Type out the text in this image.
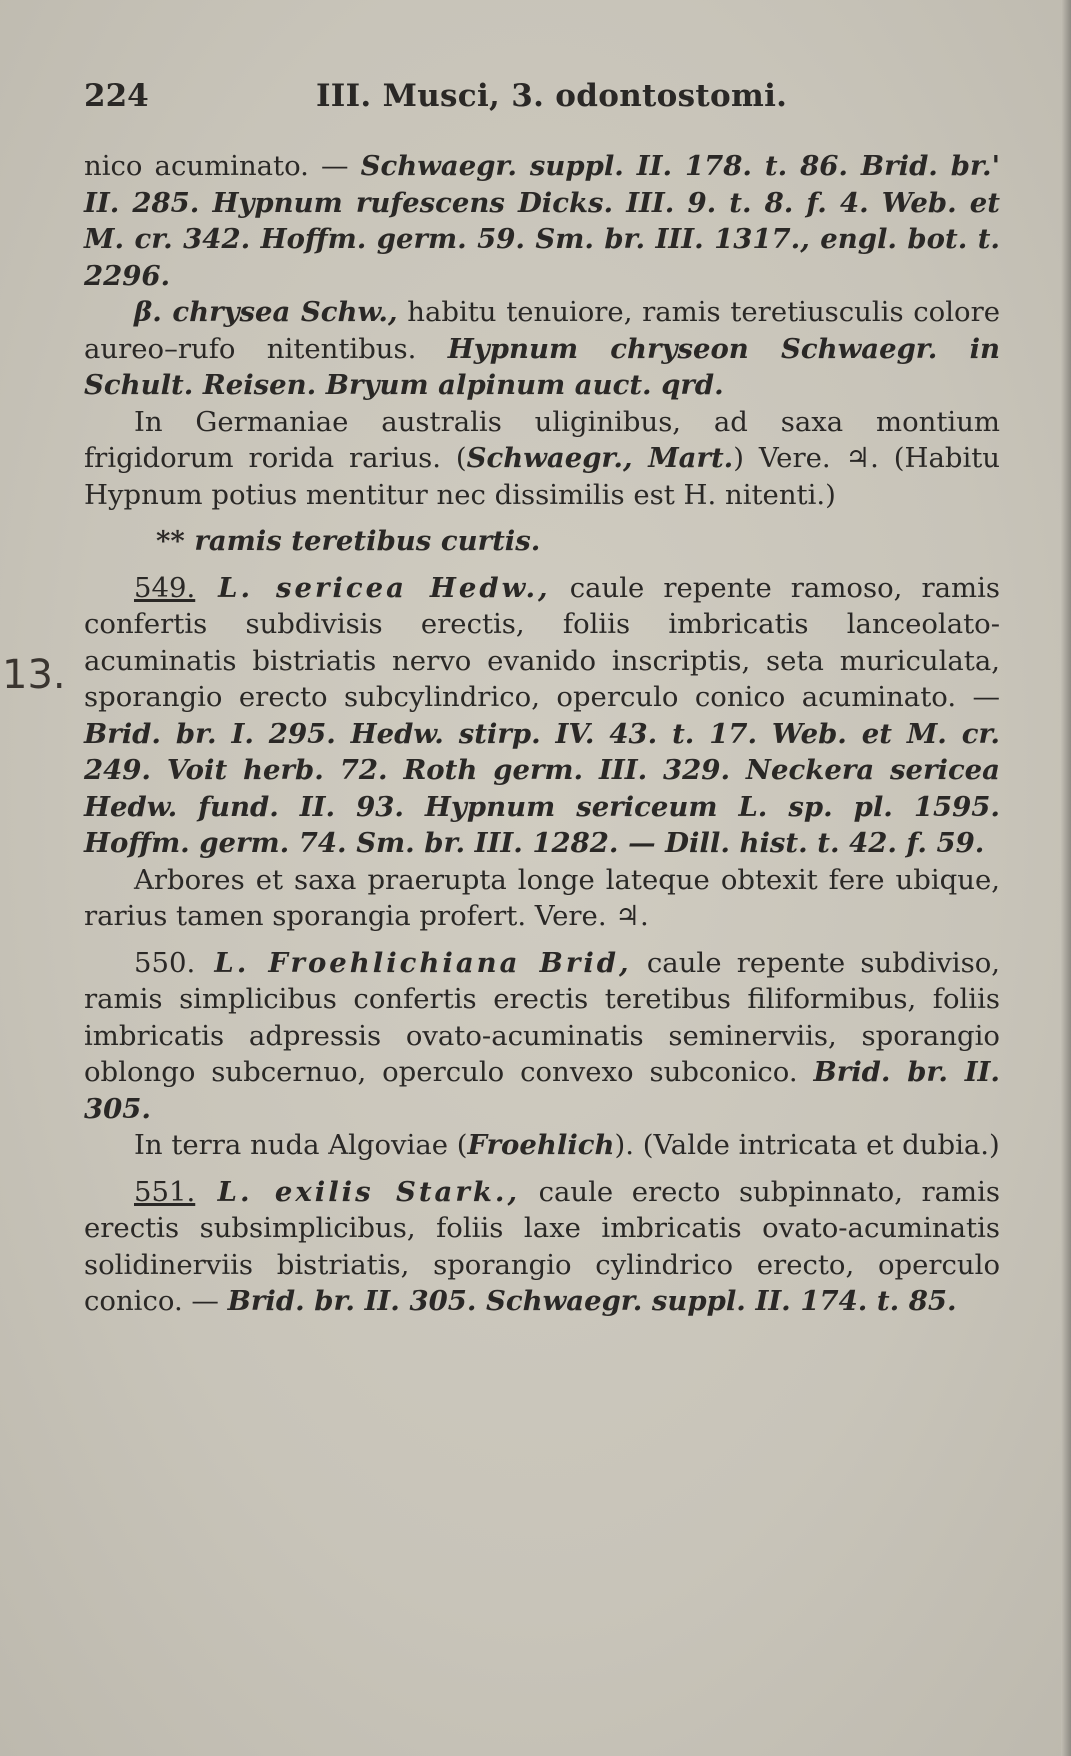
224	III. Musci, 3. odontostomi.
13.

nico acuminato. — Schwaegr. suppl. II. 178. t. 86. Brid. br.' II. 285. Hypnum rufescens Dicks. III. 9. t. 8. f. 4. Web. et M. cr. 342. Hoffm. germ. 59. Sm. br. III. 1317., engl. bot. t. 2296.

β. chrysea Schw., habitu tenuiore, ramis teretiusculis colore aureo–rufo nitentibus. Hypnum chryseon Schwaegr. in Schult. Reisen. Bryum alpinum auct. qrd.

In Germaniae australis uliginibus, ad saxa montium frigidorum rorida rarius. (Schwaegr., Mart.) Vere. ♃. (Habitu Hypnum potius mentitur nec dissimilis est H. nitenti.)

** ramis teretibus curtis.

549. L. sericea Hedw., caule repente ramoso, ramis confertis subdivisis erectis, foliis imbricatis lanceolato-acuminatis bistriatis nervo evanido inscriptis, seta muriculata, sporangio erecto subcylindrico, operculo conico acuminato. — Brid. br. I. 295. Hedw. stirp. IV. 43. t. 17. Web. et M. cr. 249. Voit herb. 72. Roth germ. III. 329. Neckera sericea Hedw. fund. II. 93. Hypnum sericeum L. sp. pl. 1595. Hoffm. germ. 74. Sm. br. III. 1282. — Dill. hist. t. 42. f. 59.

Arbores et saxa praerupta longe lateque obtexit fere ubique, rarius tamen sporangia profert. Vere. ♃.

550. L. Froehlichiana Brid, caule repente subdiviso, ramis simplicibus confertis erectis teretibus filiformibus, foliis imbricatis adpressis ovato-acuminatis seminerviis, sporangio oblongo subcernuo, operculo convexo subconico. Brid. br. II. 305.

In terra nuda Algoviae (Froehlich). (Valde intricata et dubia.)

551. L. exilis Stark., caule erecto subpinnato, ramis erectis subsimplicibus, foliis laxe imbricatis ovato-acuminatis solidinerviis bistriatis, sporangio cylindrico erecto, operculo conico. — Brid. br. II. 305. Schwaegr. suppl. II. 174. t. 85.
